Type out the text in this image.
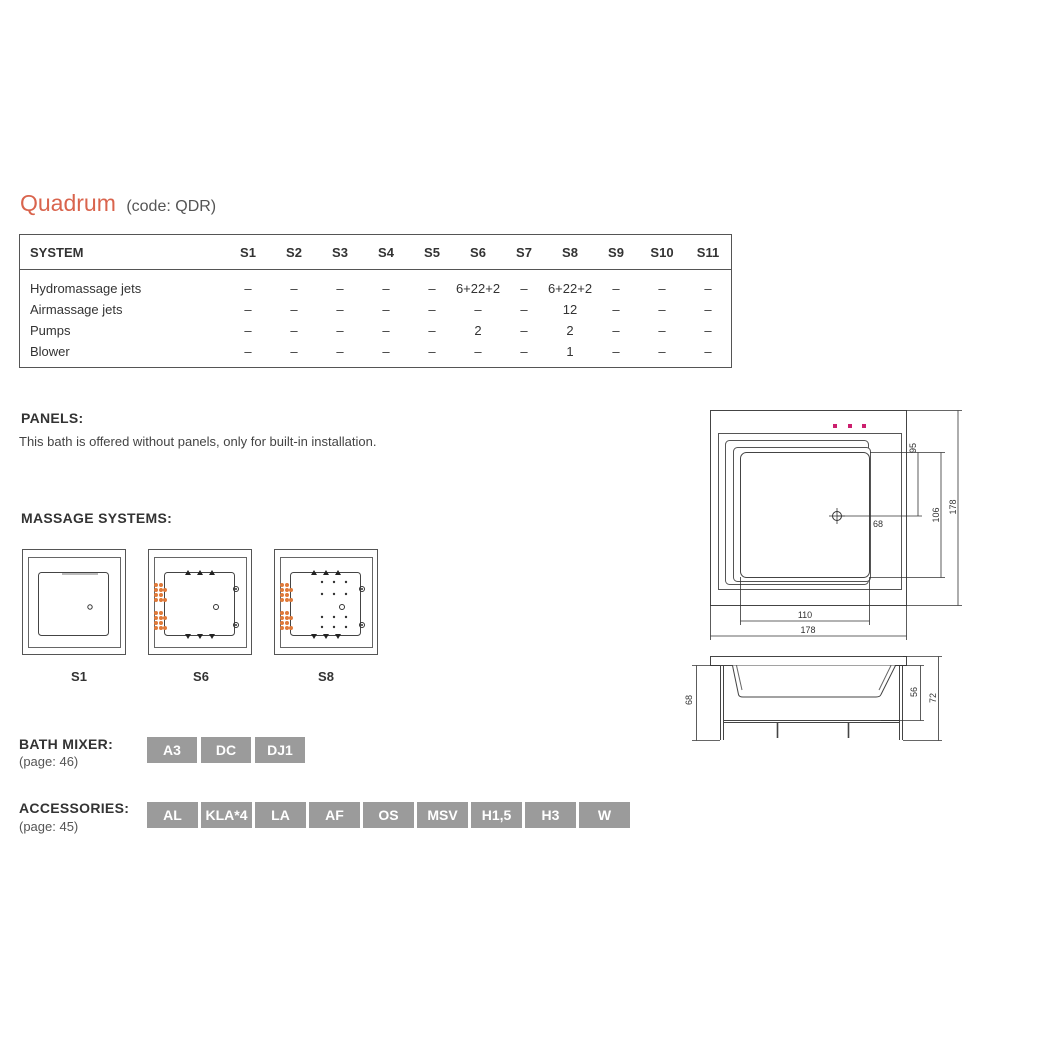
Quadrum (code: QDR)
SYSTEM	S1 S2 S3 S4 S5 S6 S7 S8 S9 S10 S11
Hydromassage jets	–	–	–	–	– 6+22+2 – 6+22+2 –	–	–
Airmassage jets	–	–	–	–	–	–	–	12	–	–	–
Pumps	–	–	–	–	–	2	–	2	–	–	–
Blower	–	–	–	–	–	–	–	1	–	–	–
PANELS:
This bath is offered without panels, only for built-in installation.
MASSAGE SYSTEMS:
S1	S6	S8
BATH MIXER:
(page: 46)
A3	DC	DJ1
ACCESSORIES:
(page: 45)
AL	KLA*4	LA	AF	OS	MSV	H1,5	H3	W
95
106
178
68
110
178
68
56
72
